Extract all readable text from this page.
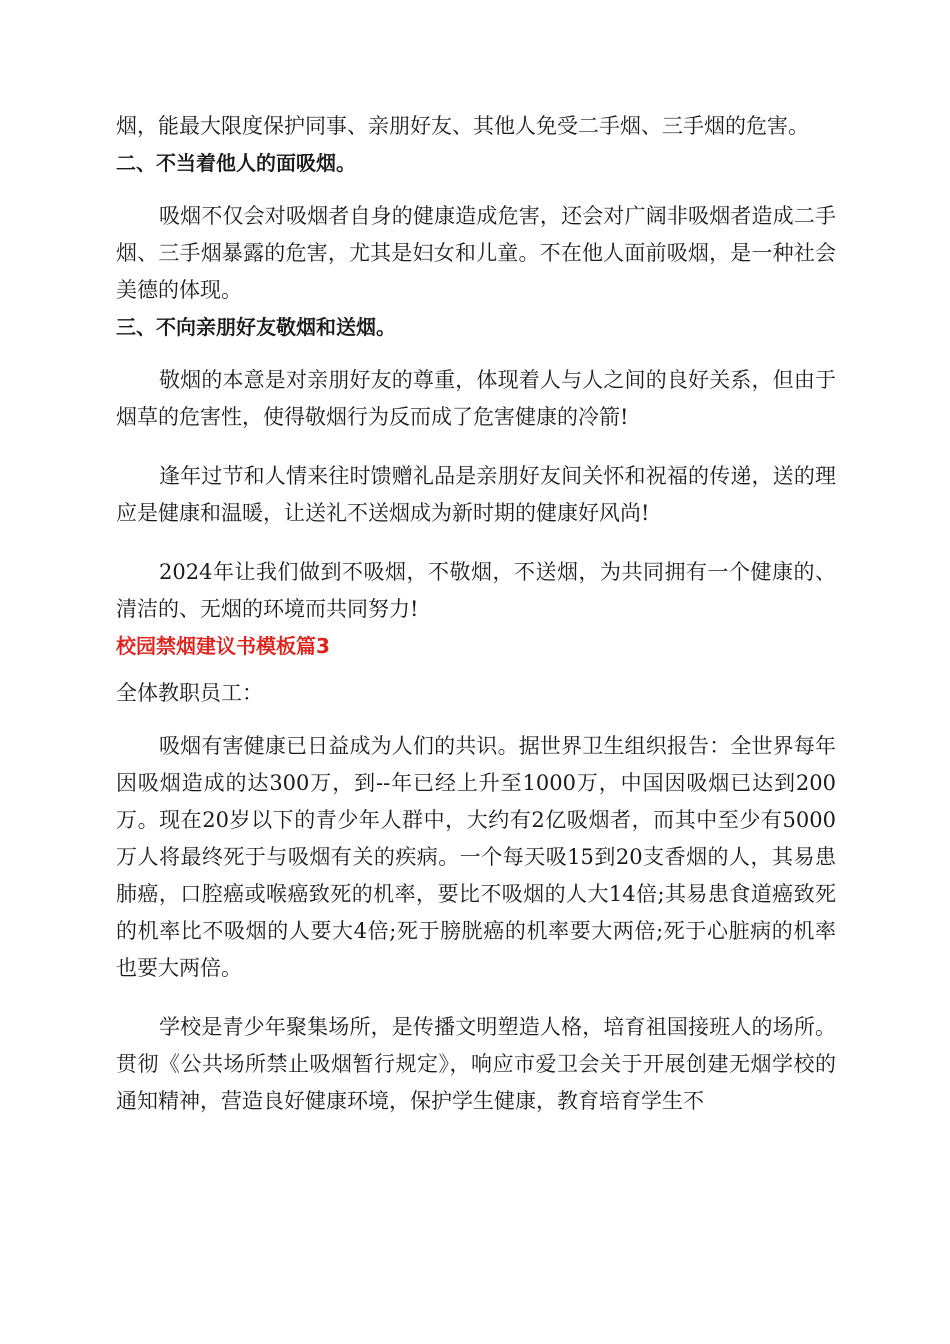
烟，能最大限度保护同事、亲朋好友、其他人免受二手烟、三手烟的危害。

二、不当着他人的面吸烟。

吸烟不仅会对吸烟者自身的健康造成危害，还会对广阔非吸烟者造成二手烟、三手烟暴露的危害，尤其是妇女和儿童。不在他人面前吸烟，是一种社会美德的体现。

三、不向亲朋好友敬烟和送烟。

敬烟的本意是对亲朋好友的尊重，体现着人与人之间的良好关系，但由于烟草的危害性，使得敬烟行为反而成了危害健康的冷箭!

逢年过节和人情来往时馈赠礼品是亲朋好友间关怀和祝福的传递，送的理应是健康和温暖，让送礼不送烟成为新时期的健康好风尚!

2024年让我们做到不吸烟，不敬烟，不送烟，为共同拥有一个健康的、清洁的、无烟的环境而共同努力!

校园禁烟建议书模板篇3

全体教职员工：

吸烟有害健康已日益成为人们的共识。据世界卫生组织报告：全世界每年因吸烟造成的达300万，到--年已经上升至1000万，中国因吸烟已达到200万。现在20岁以下的青少年人群中，大约有2亿吸烟者，而其中至少有5000万人将最终死于与吸烟有关的疾病。一个每天吸15到20支香烟的人，其易患肺癌，口腔癌或喉癌致死的机率，要比不吸烟的人大14倍;其易患食道癌致死的机率比不吸烟的人要大4倍;死于膀胱癌的机率要大两倍;死于心脏病的机率也要大两倍。

学校是青少年聚集场所，是传播文明塑造人格，培育祖国接班人的场所。贯彻《公共场所禁止吸烟暂行规定》，响应市爱卫会关于开展创建无烟学校的通知精神，营造良好健康环境，保护学生健康，教育培育学生不
